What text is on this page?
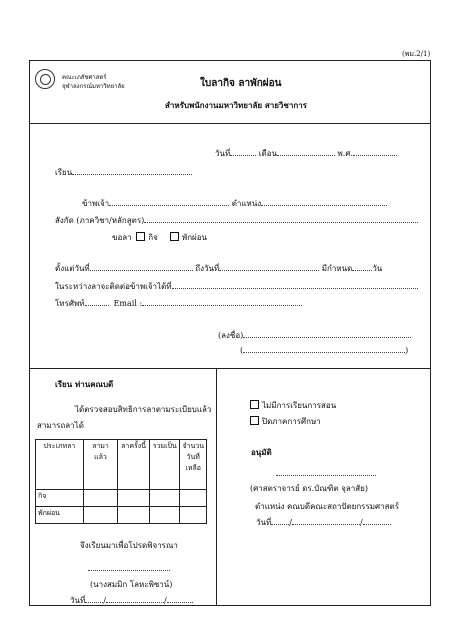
(พม.2/1)
คณะเภสัชศาสตร์
จุฬาลงกรณ์มหาวิทยาลัย	ใบลากิจ ลาพักผ่อน
สำหรับพนักงานมหาวิทยาลัย สายวิชาการ
วันที่	เดือน	พ.ศ.
เรียน
ข้าพเจ้า	ตำแหน่ง
สังกัด (ภาควิชา/หลักสูตร)
ขอลา กิจ	พักผ่อน
ตั้งแต่วันที่	ถึงวันที่	มีกำหนด	วัน
ในระหว่างลาจะติดต่อข้าพเจ้าได้ที่
โทรศัพท์	Email :
(ลงชื่อ)
(	)
เรียน ท่านคณบดี
ได้ตรวจสอบสิทธิการลาตามระเบียบแล้ว
สามารถลาได้
ประเภทลา	ลามาแล้ว	ลาครั้งนี้	รวมเป็น	จำนวนวันที่เหลือ
กิจ				
พักผ่อน				
จึงเรียนมาเพื่อโปรดพิจารณา
(นางสมมิก โลหะพิชาน์)
วันที่ /	/
ไม่มีการเรียนการสอน
ปิดภาคการศึกษา
อนุมัติ
(ศาสตราจารย์ ดร.บัณฑิต จุลาสัย)
ตำแหน่ง คณบดีคณะสถาปัตยกรรมศาสตร์
วันที่ /	/
